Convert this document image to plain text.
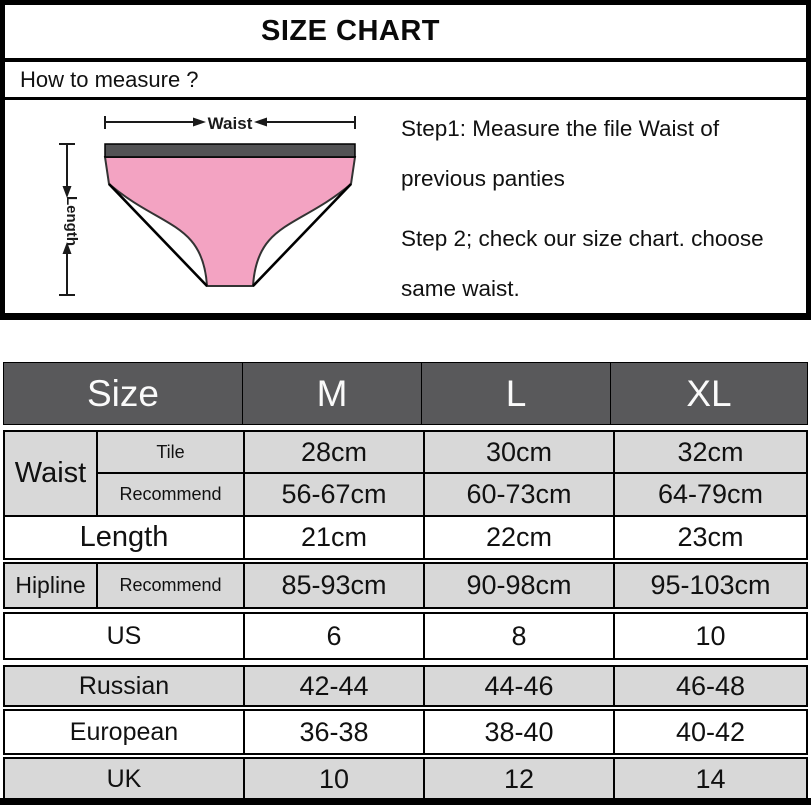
SIZE CHART
How to measure ?
Waist
Length
Step1: Measure the file Waist of
previous panties
Step 2; check our size chart. choose
same waist.
Size	M	L	XL
Waist
Tile	28cm	30cm	32cm
Recommend	56-67cm	60-73cm	64-79cm
Length	21cm	22cm	23cm
Hipline	Recommend	85-93cm	90-98cm	95-103cm
US	6	8	10
Russian	42-44	44-46	46-48
European	36-38	38-40	40-42
UK	10	12	14
